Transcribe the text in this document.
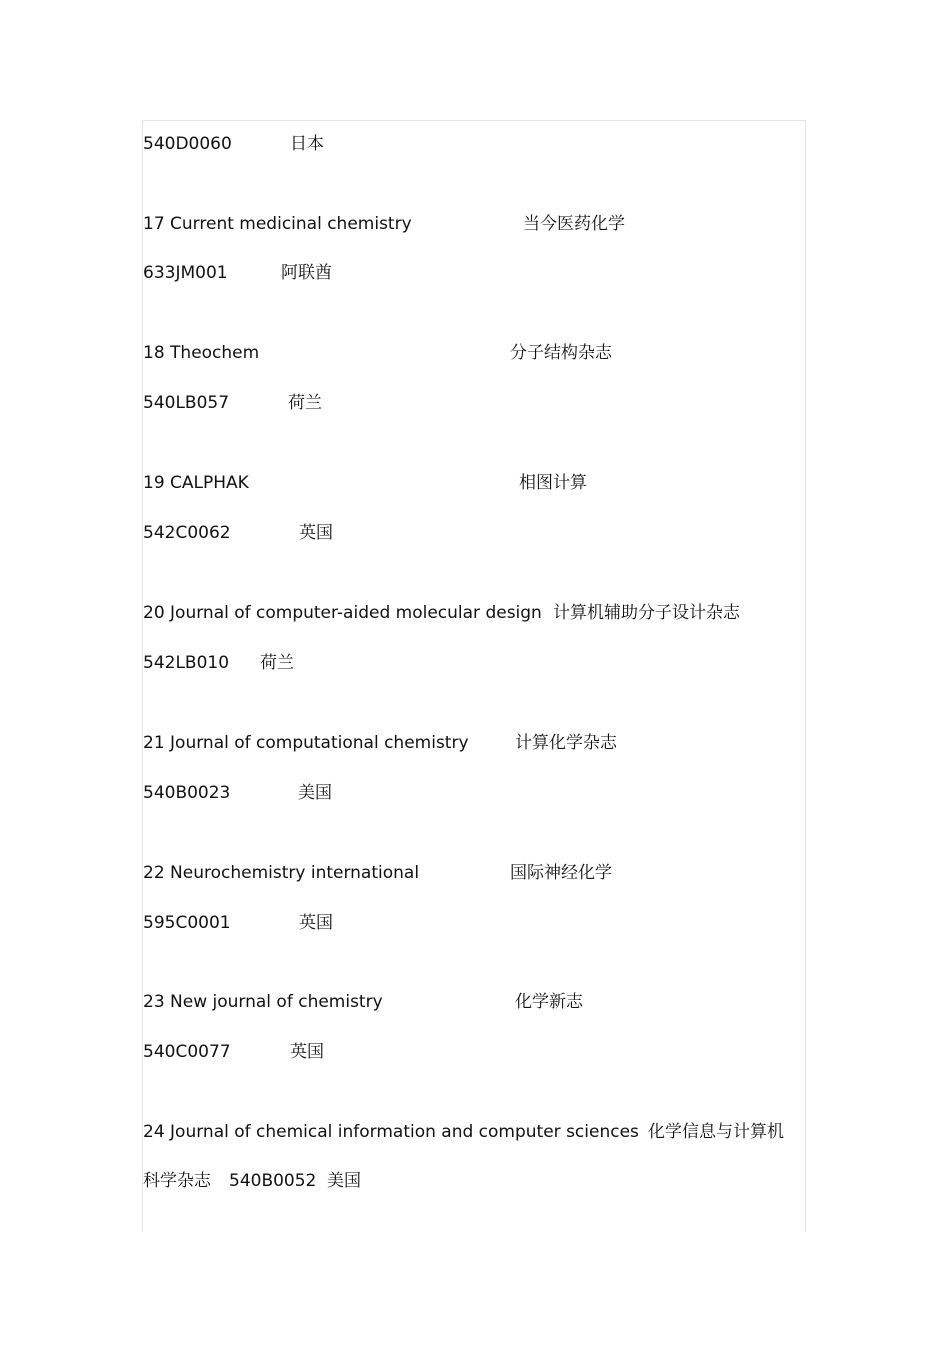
540D0060	日本
17 Current medicinal chemistry	当今医药化学
633JM001	阿联酋
18 Theochem	分子结构杂志
540LB057	荷兰
19 CALPHAK	相图计算
542C0062	英国
20 Journal of computer-aided molecular design 计算机辅助分子设计杂志
542LB010 荷兰
21 Journal of computational chemistry	计算化学杂志
540B0023	美国
22 Neurochemistry international	国际神经化学
595C0001	英国
23 New journal of chemistry	化学新志
540C0077	英国
24 Journal of chemical information and computer sciences 化学信息与计算机
科学杂志 540B0052 美国
